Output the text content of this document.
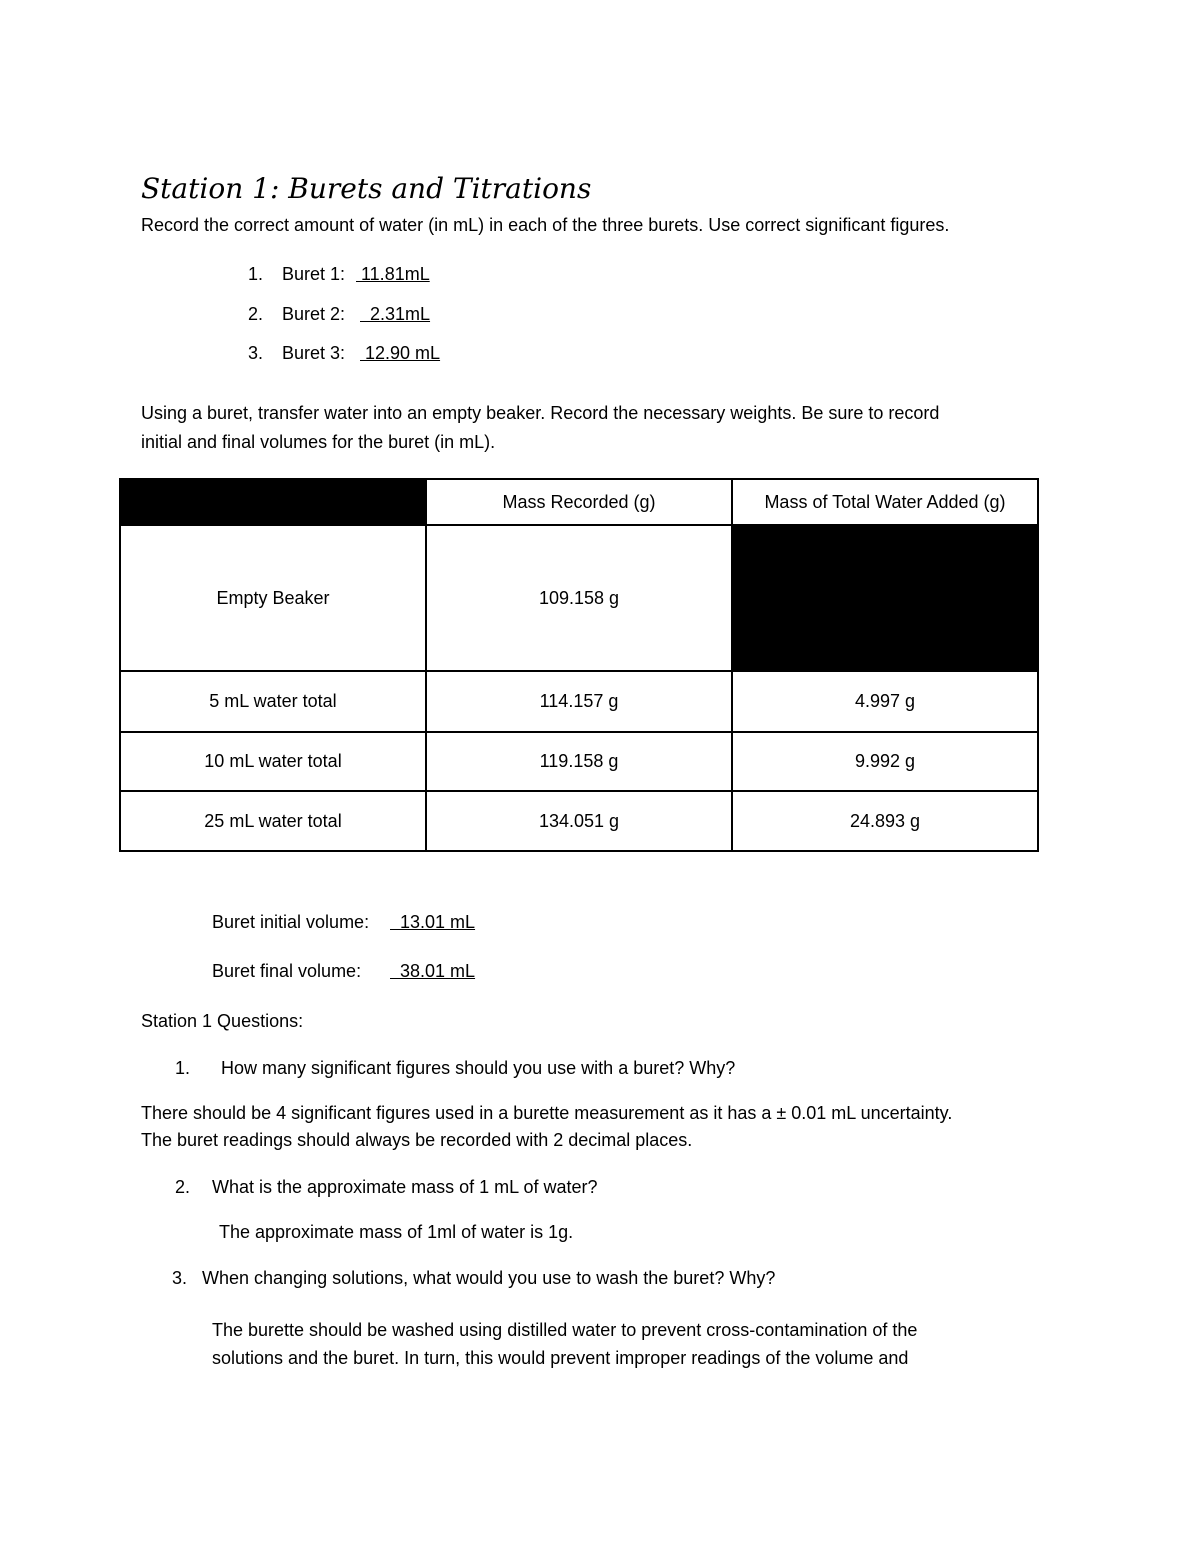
Station 1: Burets and Titrations
Record the correct amount of water (in mL) in each of the three burets. Use correct significant figures.
1. Buret 1: 11.81mL
2. Buret 2: 2.31mL
3. Buret 3: 12.90 mL
Using a buret, transfer water into an empty beaker. Record the necessary weights. Be sure to record
initial and final volumes for the buret (in mL).
	Mass Recorded (g)	Mass of Total Water Added (g)
Empty Beaker	109.158 g	
5 mL water total	114.157 g	4.997 g
10 mL water total	119.158 g	9.992 g
25 mL water total	134.051 g	24.893 g
Buret initial volume: 13.01 mL
Buret final volume: 38.01 mL
Station 1 Questions:
1. How many significant figures should you use with a buret? Why?
There should be 4 significant figures used in a burette measurement as it has a ± 0.01 mL uncertainty.
The buret readings should always be recorded with 2 decimal places.
2. What is the approximate mass of 1 mL of water?
The approximate mass of 1ml of water is 1g.
3. When changing solutions, what would you use to wash the buret? Why?
The burette should be washed using distilled water to prevent cross-contamination of the
solutions and the buret. In turn, this would prevent improper readings of the volume and
